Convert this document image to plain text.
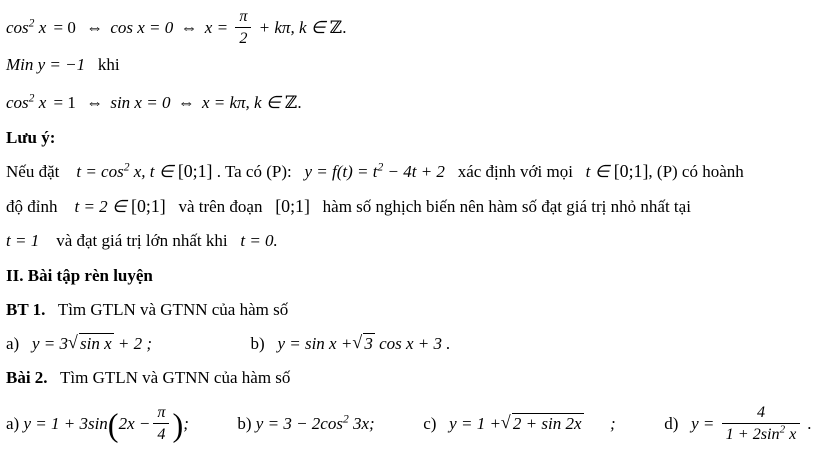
$\cos^2 x = 0$ ⇔ cos x = 0 ⇔ $x = \frac{\pi}{2} + k\pi$, k ∈ ℤ.
Min y = −1 khi
$\cos^2 x = 1$ ⇔ sin x = 0 ⇔ x = kπ, k ∈ ℤ.
Lưu ý:
Nếu đặt $t = \cos^2 x$, t ∈ [0;1] . Ta có (P): $y = f(t) = t^2 - 4t + 2$ xác định với mọi t ∈ [0;1], (P) có hoành
độ đỉnh t = 2 ∈ [0;1] và trên đoạn [0;1] hàm số nghịch biến nên hàm số đạt giá trị nhỏ nhất tại
t = 1 và đạt giá trị lớn nhất khi t = 0.
II. Bài tập rèn luyện
BT 1. Tìm GTLN và GTNN của hàm số
a) y = 3 √ sin x + 2 ;	b) y = sin x + √ 3 cos x + 3 .
Bài 2. Tìm GTLN và GTNN của hàm số
a) $y = 1 + 3\sin(2x - \frac{\pi}{4}$ );	b) $y = 3 - 2\cos^2$ 3x;	c) y = 1 + √ 2 + sin 2x ;	d) $y = \frac{4}{1 + 2\sin^2 x}$ .
